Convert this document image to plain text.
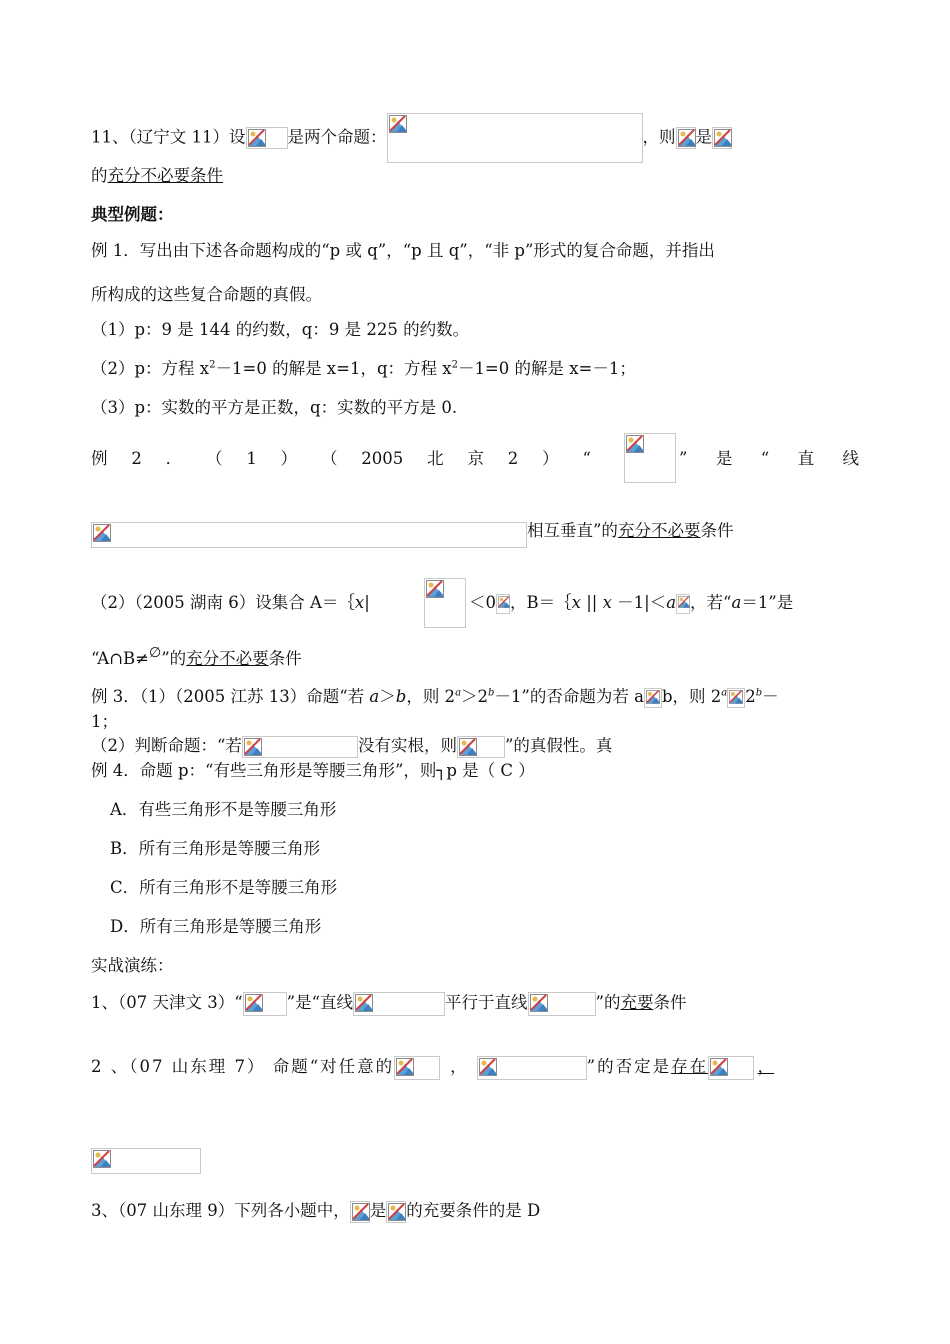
11、（辽宁文 11）设	是两个命题：	，则 是
的充分不必要条件
典型例题：
例 1．写出由下述各命题构成的“p 或 q”，“p 且 q”，“非 p”形式的复合命题，并指出
所构成的这些复合命题的真假。
（1）p：9 是 144 的约数，q：9 是 225 的约数。
（2）p：方程 $x^2-1=0$ 的解是 x=1，q：方程 $x^2-1=0$ 的解是 x=－1；
（3）p：实数的平方是正数，q：实数的平方是 0.
例 2 ． （ 1 ） （ 2005 北 京 2 ） “	” 是 “ 直 线
相互垂直”的充分不必要条件
（2）（2005 湖南 6）设集合 A＝｛x|	＜0 ，B＝｛x || x －1|＜a ，若“a＝1”是
“A∩B≠∅”的充分不必要条件
例 3．（1）（2005 江苏 13）命题“若 a＞b，则 $2^a>2^b-1$”的否命题为若 a b，则 2$^a$ $2^b-$
1；
（2）判断命题：“若	没有实根，则	”的真假性。真
例 4．命题 p：“有些三角形是等腰三角形”，则┐p 是（ C ）
A．有些三角形不是等腰三角形
B．所有三角形是等腰三角形
C．所有三角形不是等腰三角形
D．所有三角形是等腰三角形
实战演练：
1、（07 天津文 3）“	”是“直线	平行于直线	”的充要条件
2 、（07 山东理 7） 命题“对任意的	，	”的否定是存在	，
3、（07 山东理 9）下列各小题中， 是 的充要条件的是 D
